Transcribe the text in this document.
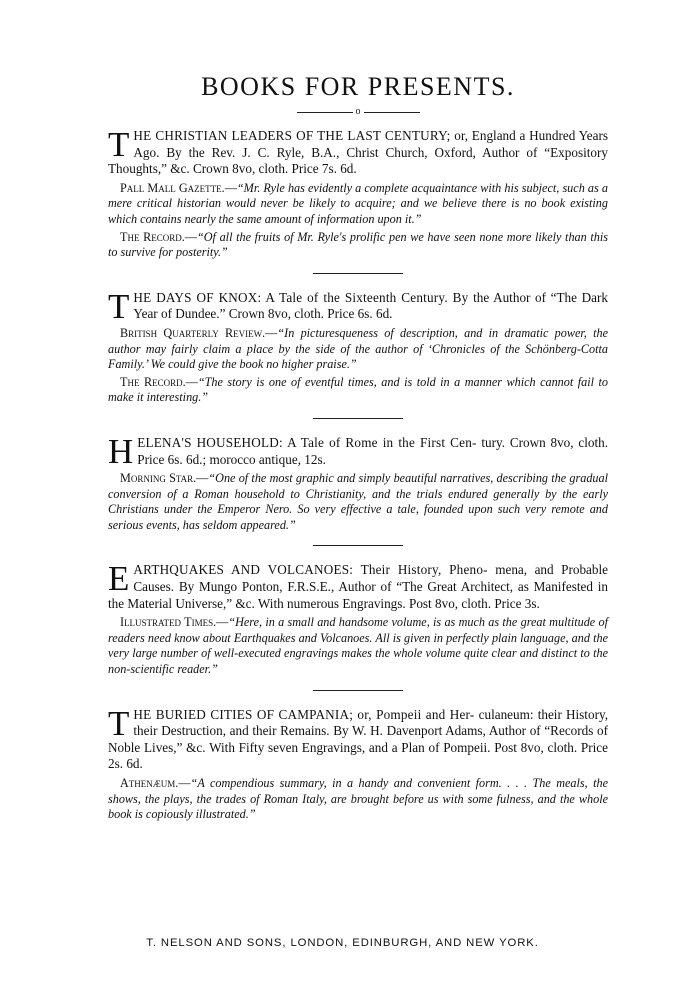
BOOKS FOR PRESENTS.
o

THE CHRISTIAN LEADERS OF THE LAST CENTURY; or, England a Hundred Years Ago. By the Rev. J. C. Ryle, B.A., Christ Church, Oxford, Author of “Expository Thoughts,” &c. Crown 8vo, cloth. Price 7s. 6d.

Pall Mall Gazette.—“Mr. Ryle has evidently a complete acquaintance with his subject, such as a mere critical historian would never be likely to acquire; and we believe there is no book existing which contains nearly the same amount of information upon it.”

The Record.—“Of all the fruits of Mr. Ryle's prolific pen we have seen none more likely than this to survive for posterity.”

THE DAYS OF KNOX: A Tale of the Sixteenth Century. By the Author of “The Dark Year of Dundee.” Crown 8vo, cloth. Price 6s. 6d.

British Quarterly Review.—“In picturesqueness of description, and in dramatic power, the author may fairly claim a place by the side of the author of ‘Chronicles of the Schönberg-Cotta Family.’ We could give the book no higher praise.”

The Record.—“The story is one of eventful times, and is told in a manner which cannot fail to make it interesting.”

HELENA'S HOUSEHOLD: A Tale of Rome in the First Cen- tury. Crown 8vo, cloth. Price 6s. 6d.; morocco antique, 12s.

Morning Star.—“One of the most graphic and simply beautiful narratives, describing the gradual conversion of a Roman household to Christianity, and the trials endured generally by the early Christians under the Emperor Nero. So very effective a tale, founded upon such very remote and serious events, has seldom appeared.”

EARTHQUAKES AND VOLCANOES: Their History, Pheno- mena, and Probable Causes. By Mungo Ponton, F.R.S.E., Author of “The Great Architect, as Manifested in the Material Universe,” &c. With numerous Engravings. Post 8vo, cloth. Price 3s.

Illustrated Times.—“Here, in a small and handsome volume, is as much as the great multitude of readers need know about Earthquakes and Volcanoes. All is given in perfectly plain language, and the very large number of well-executed engravings makes the whole volume quite clear and distinct to the non-scientific reader.”

THE BURIED CITIES OF CAMPANIA; or, Pompeii and Her- culaneum: their History, their Destruction, and their Remains. By W. H. Davenport Adams, Author of “Records of Noble Lives,” &c. With Fifty seven Engravings, and a Plan of Pompeii. Post 8vo, cloth. Price 2s. 6d.

Athenæum.—“A compendious summary, in a handy and convenient form. . . . The meals, the shows, the plays, the trades of Roman Italy, are brought before us with some fulness, and the whole book is copiously illustrated.”

T. NELSON AND SONS, LONDON, EDINBURGH, AND NEW YORK.
